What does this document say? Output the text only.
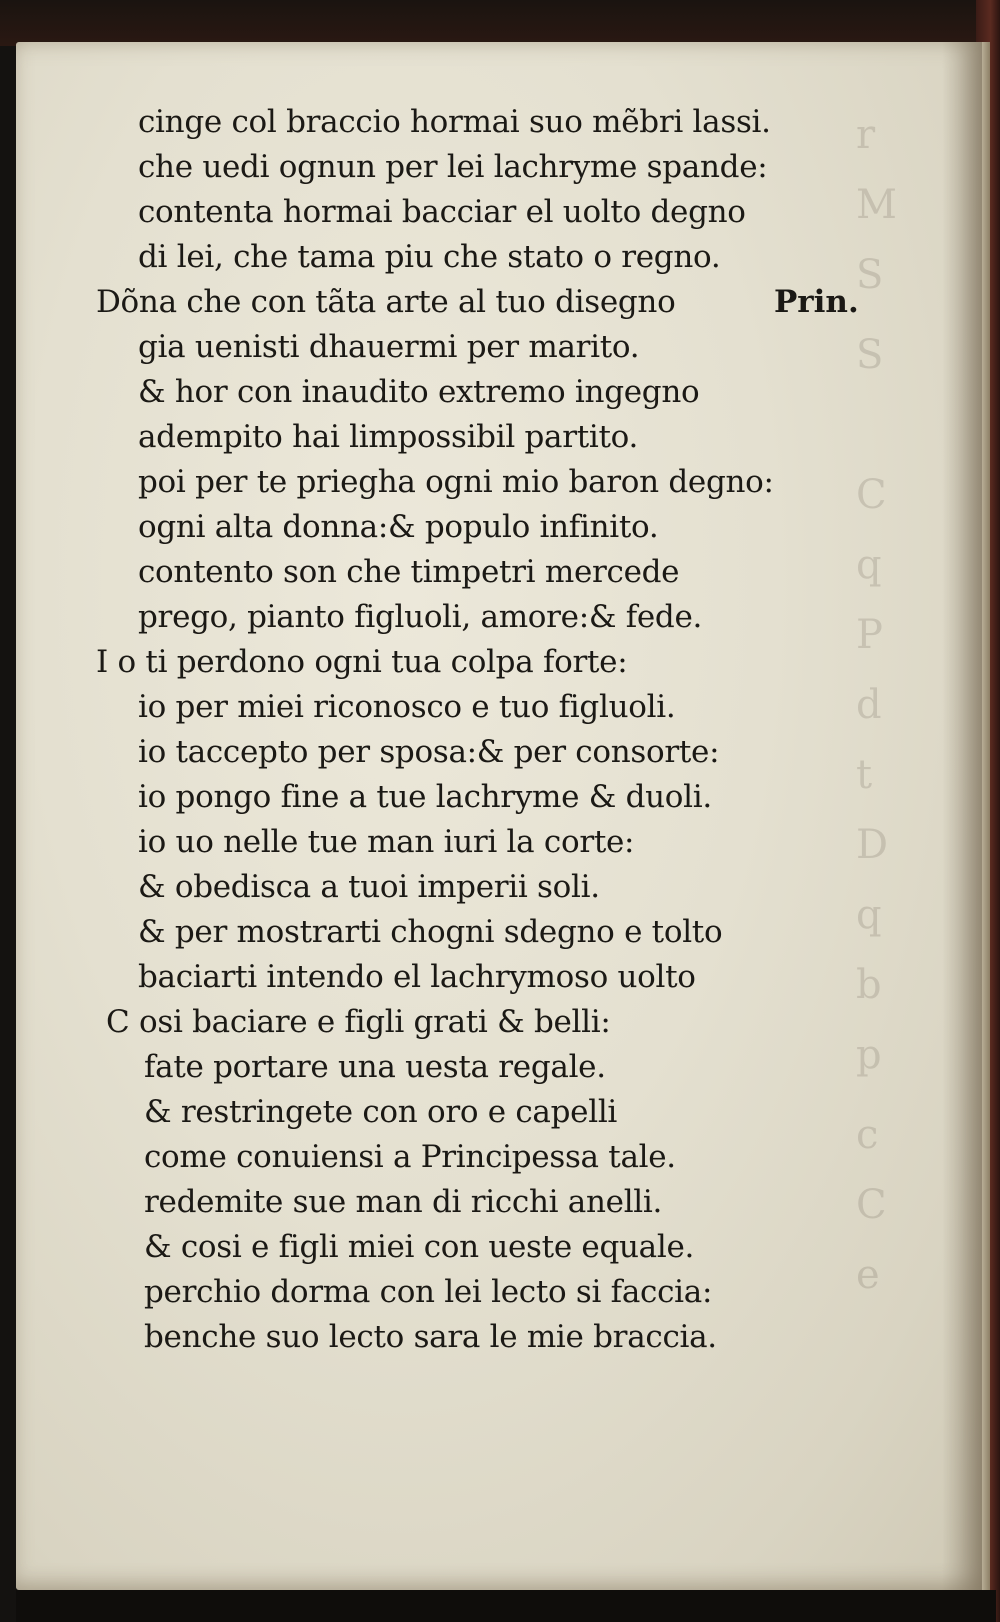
r
M
S
S
C
q
P
d
t
D
q
b
p
c
C
e
cinge col braccio hormai suo mẽbri lassi.
che uedi ognun per lei lachryme spande:
contenta hormai bacciar el uolto degno
di lei, che tama piu che stato o regno.
Dõna che con tãta arte al tuo disegno	Prin.
gia uenisti dhauermi per marito.
& hor con inaudito extremo ingegno
adempito hai limpossibil partito.
poi per te priegha ogni mio baron degno:
ogni alta donna:& populo infinito.
contento son che timpetri mercede
prego, pianto figluoli, amore:& fede.
I o ti perdono ogni tua colpa forte:
io per miei riconosco e tuo figluoli.
io taccepto per sposa:& per consorte:
io pongo fine a tue lachryme & duoli.
io uo nelle tue man iuri la corte:
& obedisca a tuoi imperii soli.
& per mostrarti chogni sdegno e tolto
baciarti intendo el lachrymoso uolto
C osi baciare e figli grati & belli:
fate portare una uesta regale.
& restringete con oro e capelli
come conuiensi a Principessa tale.
redemite sue man di ricchi anelli.
& cosi e figli miei con ueste equale.
perchio dorma con lei lecto si faccia:
benche suo lecto sara le mie braccia.
